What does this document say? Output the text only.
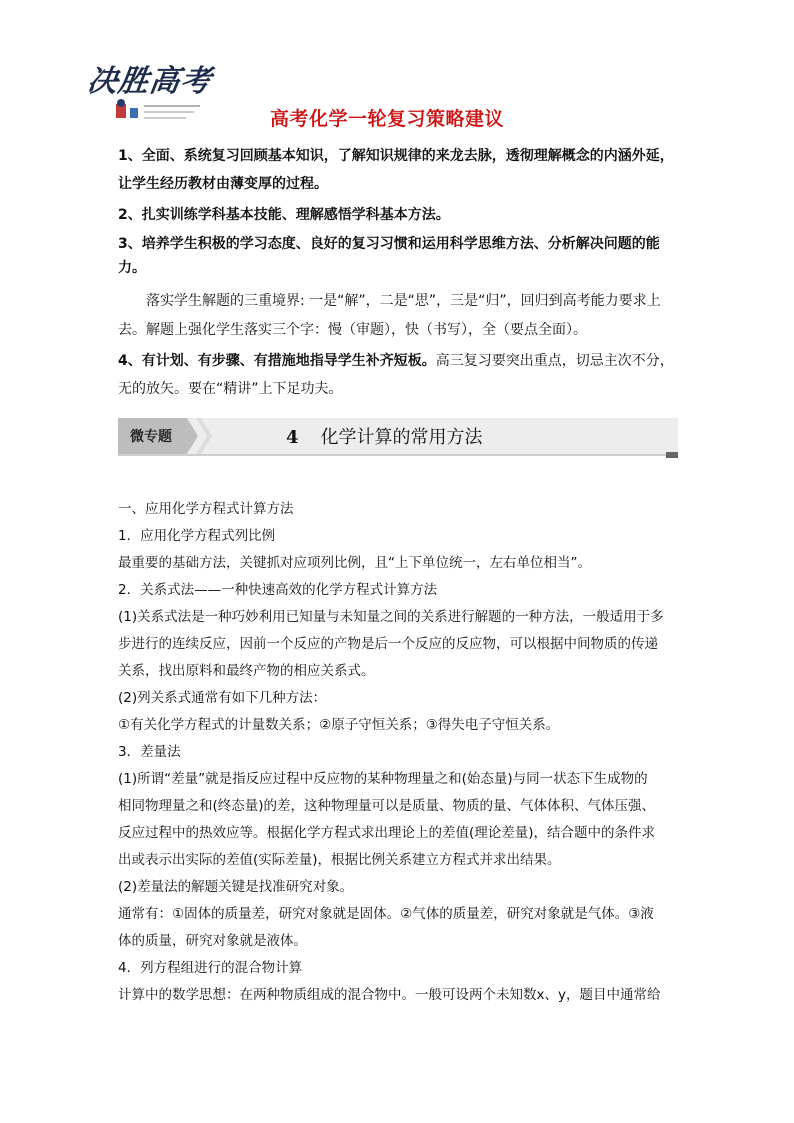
决胜高考
高考化学一轮复习策略建议
1、全面、系统复习回顾基本知识，了解知识规律的来龙去脉，透彻理解概念的内涵外延，
让学生经历教材由薄变厚的过程。
2、扎实训练学科基本技能、理解感悟学科基本方法。
3、培养学生积极的学习态度、良好的复习习惯和运用科学思维方法、分析解决问题的能力。
落实学生解题的三重境界: 一是“解”，二是“思”，三是“归”，回归到高考能力要求上
去。解题上强化学生落实三个字：慢（审题），快（书写），全（要点全面）。
4、有计划、有步骤、有措施地指导学生补齐短板。高三复习要突出重点，切忌主次不分，
无的放矢。要在“精讲”上下足功夫。
微专题	4 化学计算的常用方法
一、应用化学方程式计算方法
1．应用化学方程式列比例
最重要的基础方法，关键抓对应项列比例，且“上下单位统一，左右单位相当”。
2．关系式法——一种快速高效的化学方程式计算方法
(1)关系式法是一种巧妙利用已知量与未知量之间的关系进行解题的一种方法，一般适用于多
步进行的连续反应，因前一个反应的产物是后一个反应的反应物，可以根据中间物质的传递
关系，找出原料和最终产物的相应关系式。
(2)列关系式通常有如下几种方法：
①有关化学方程式的计量数关系；②原子守恒关系；③得失电子守恒关系。
3．差量法
(1)所谓“差量”就是指反应过程中反应物的某种物理量之和(始态量)与同一状态下生成物的
相同物理量之和(终态量)的差，这种物理量可以是质量、物质的量、气体体积、气体压强、
反应过程中的热效应等。根据化学方程式求出理论上的差值(理论差量)，结合题中的条件求
出或表示出实际的差值(实际差量)，根据比例关系建立方程式并求出结果。
(2)差量法的解题关键是找准研究对象。
通常有：①固体的质量差，研究对象就是固体。②气体的质量差，研究对象就是气体。③液
体的质量，研究对象就是液体。
4．列方程组进行的混合物计算
计算中的数学思想：在两种物质组成的混合物中。一般可设两个未知数x、y，题目中通常给
